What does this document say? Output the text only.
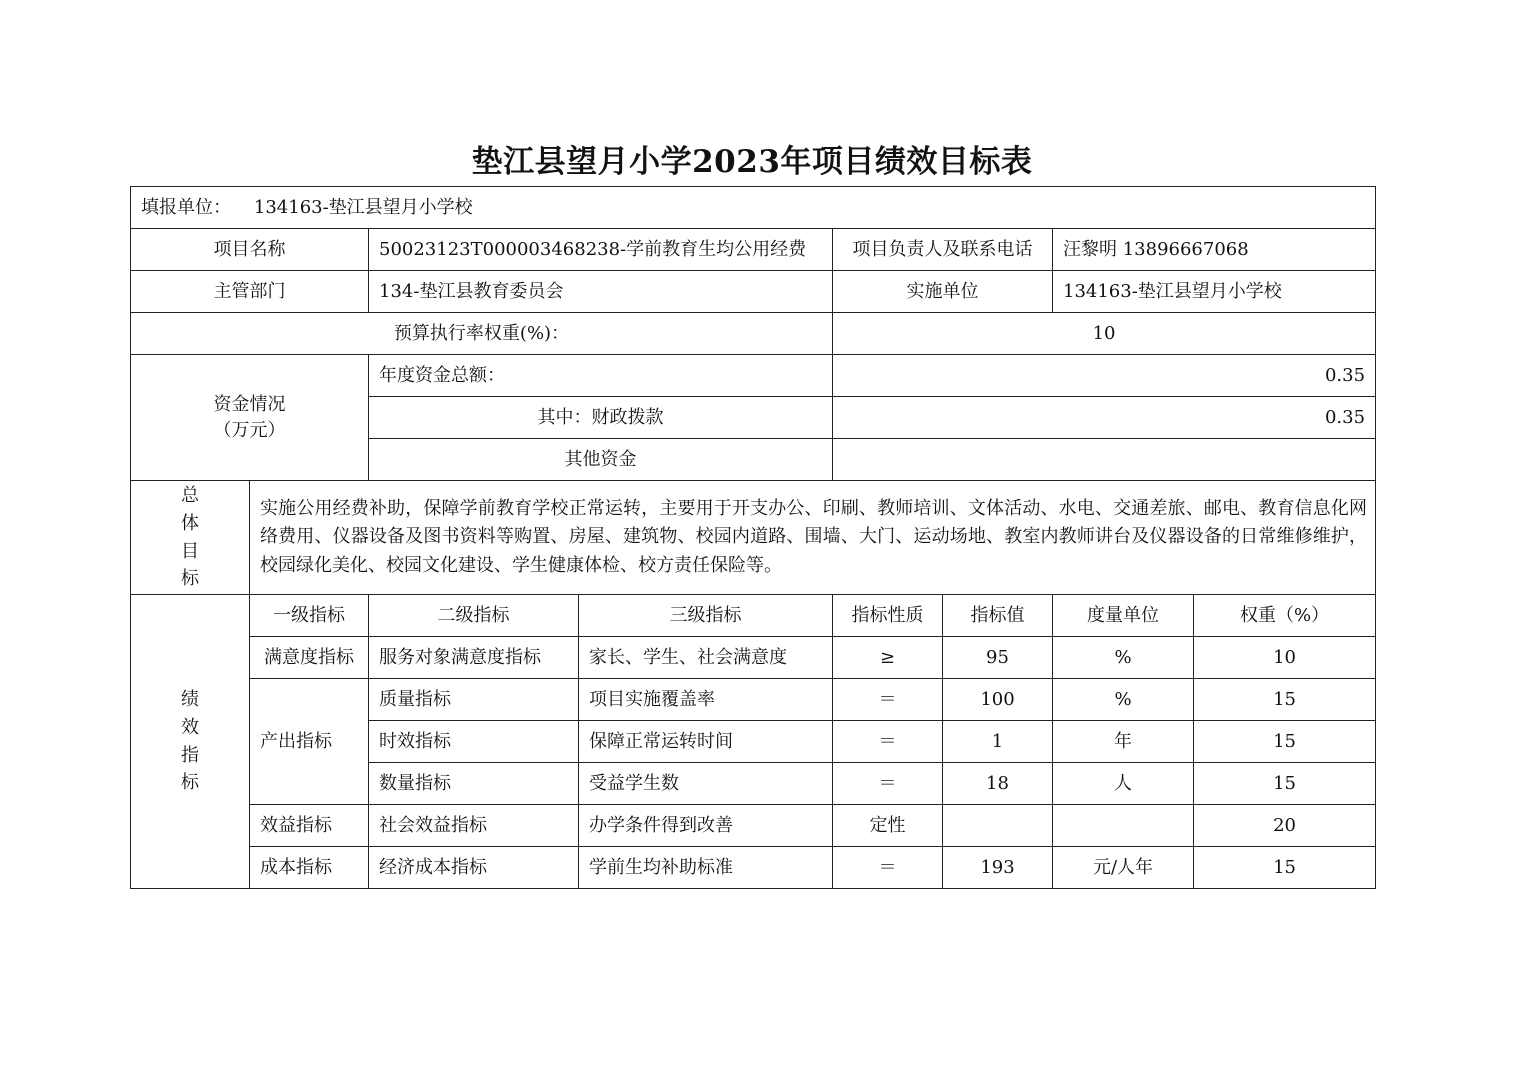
垫江县望月小学2023年项目绩效目标表
填报单位： 134163-垫江县望月小学校							
项目名称		50023123T000003468238-学前教育生均公用经费		项目负责人及联系电话		汪黎明 13896667068	
主管部门		134-垫江县教育委员会		实施单位		134163-垫江县望月小学校	
预算执行率权重(%)：				10			

资金情况
（万元）		年度资金总额：		0.35			
		其中：财政拨款		0.35			
		其他资金					

总
体
目
标	实施公用经费补助，保障学前教育学校正常运转，主要用于开支办公、印刷、教师培训、文体活动、水电、交通差旅、邮电、教育信息化网络费用、仪器设备及图书资料等购置、房屋、建筑物、校园内道路、围墙、大门、运动场地、教室内教师讲台及仪器设备的日常维修维护，校园绿化美化、校园文化建设、学生健康体检、校方责任保险等。						

绩
效
指
标	一级指标	二级指标	三级指标	指标性质	指标值	度量单位	权重（%）
	满意度指标	服务对象满意度指标	家长、学生、社会满意度	≥	95	%	10
	产出指标	质量指标	项目实施覆盖率	＝	100	%	15
		时效指标	保障正常运转时间	＝	1	年	15
		数量指标	受益学生数	＝	18	人	15
	效益指标	社会效益指标	办学条件得到改善	定性			20
	成本指标	经济成本指标	学前生均补助标准	＝	193	元/人年	15
